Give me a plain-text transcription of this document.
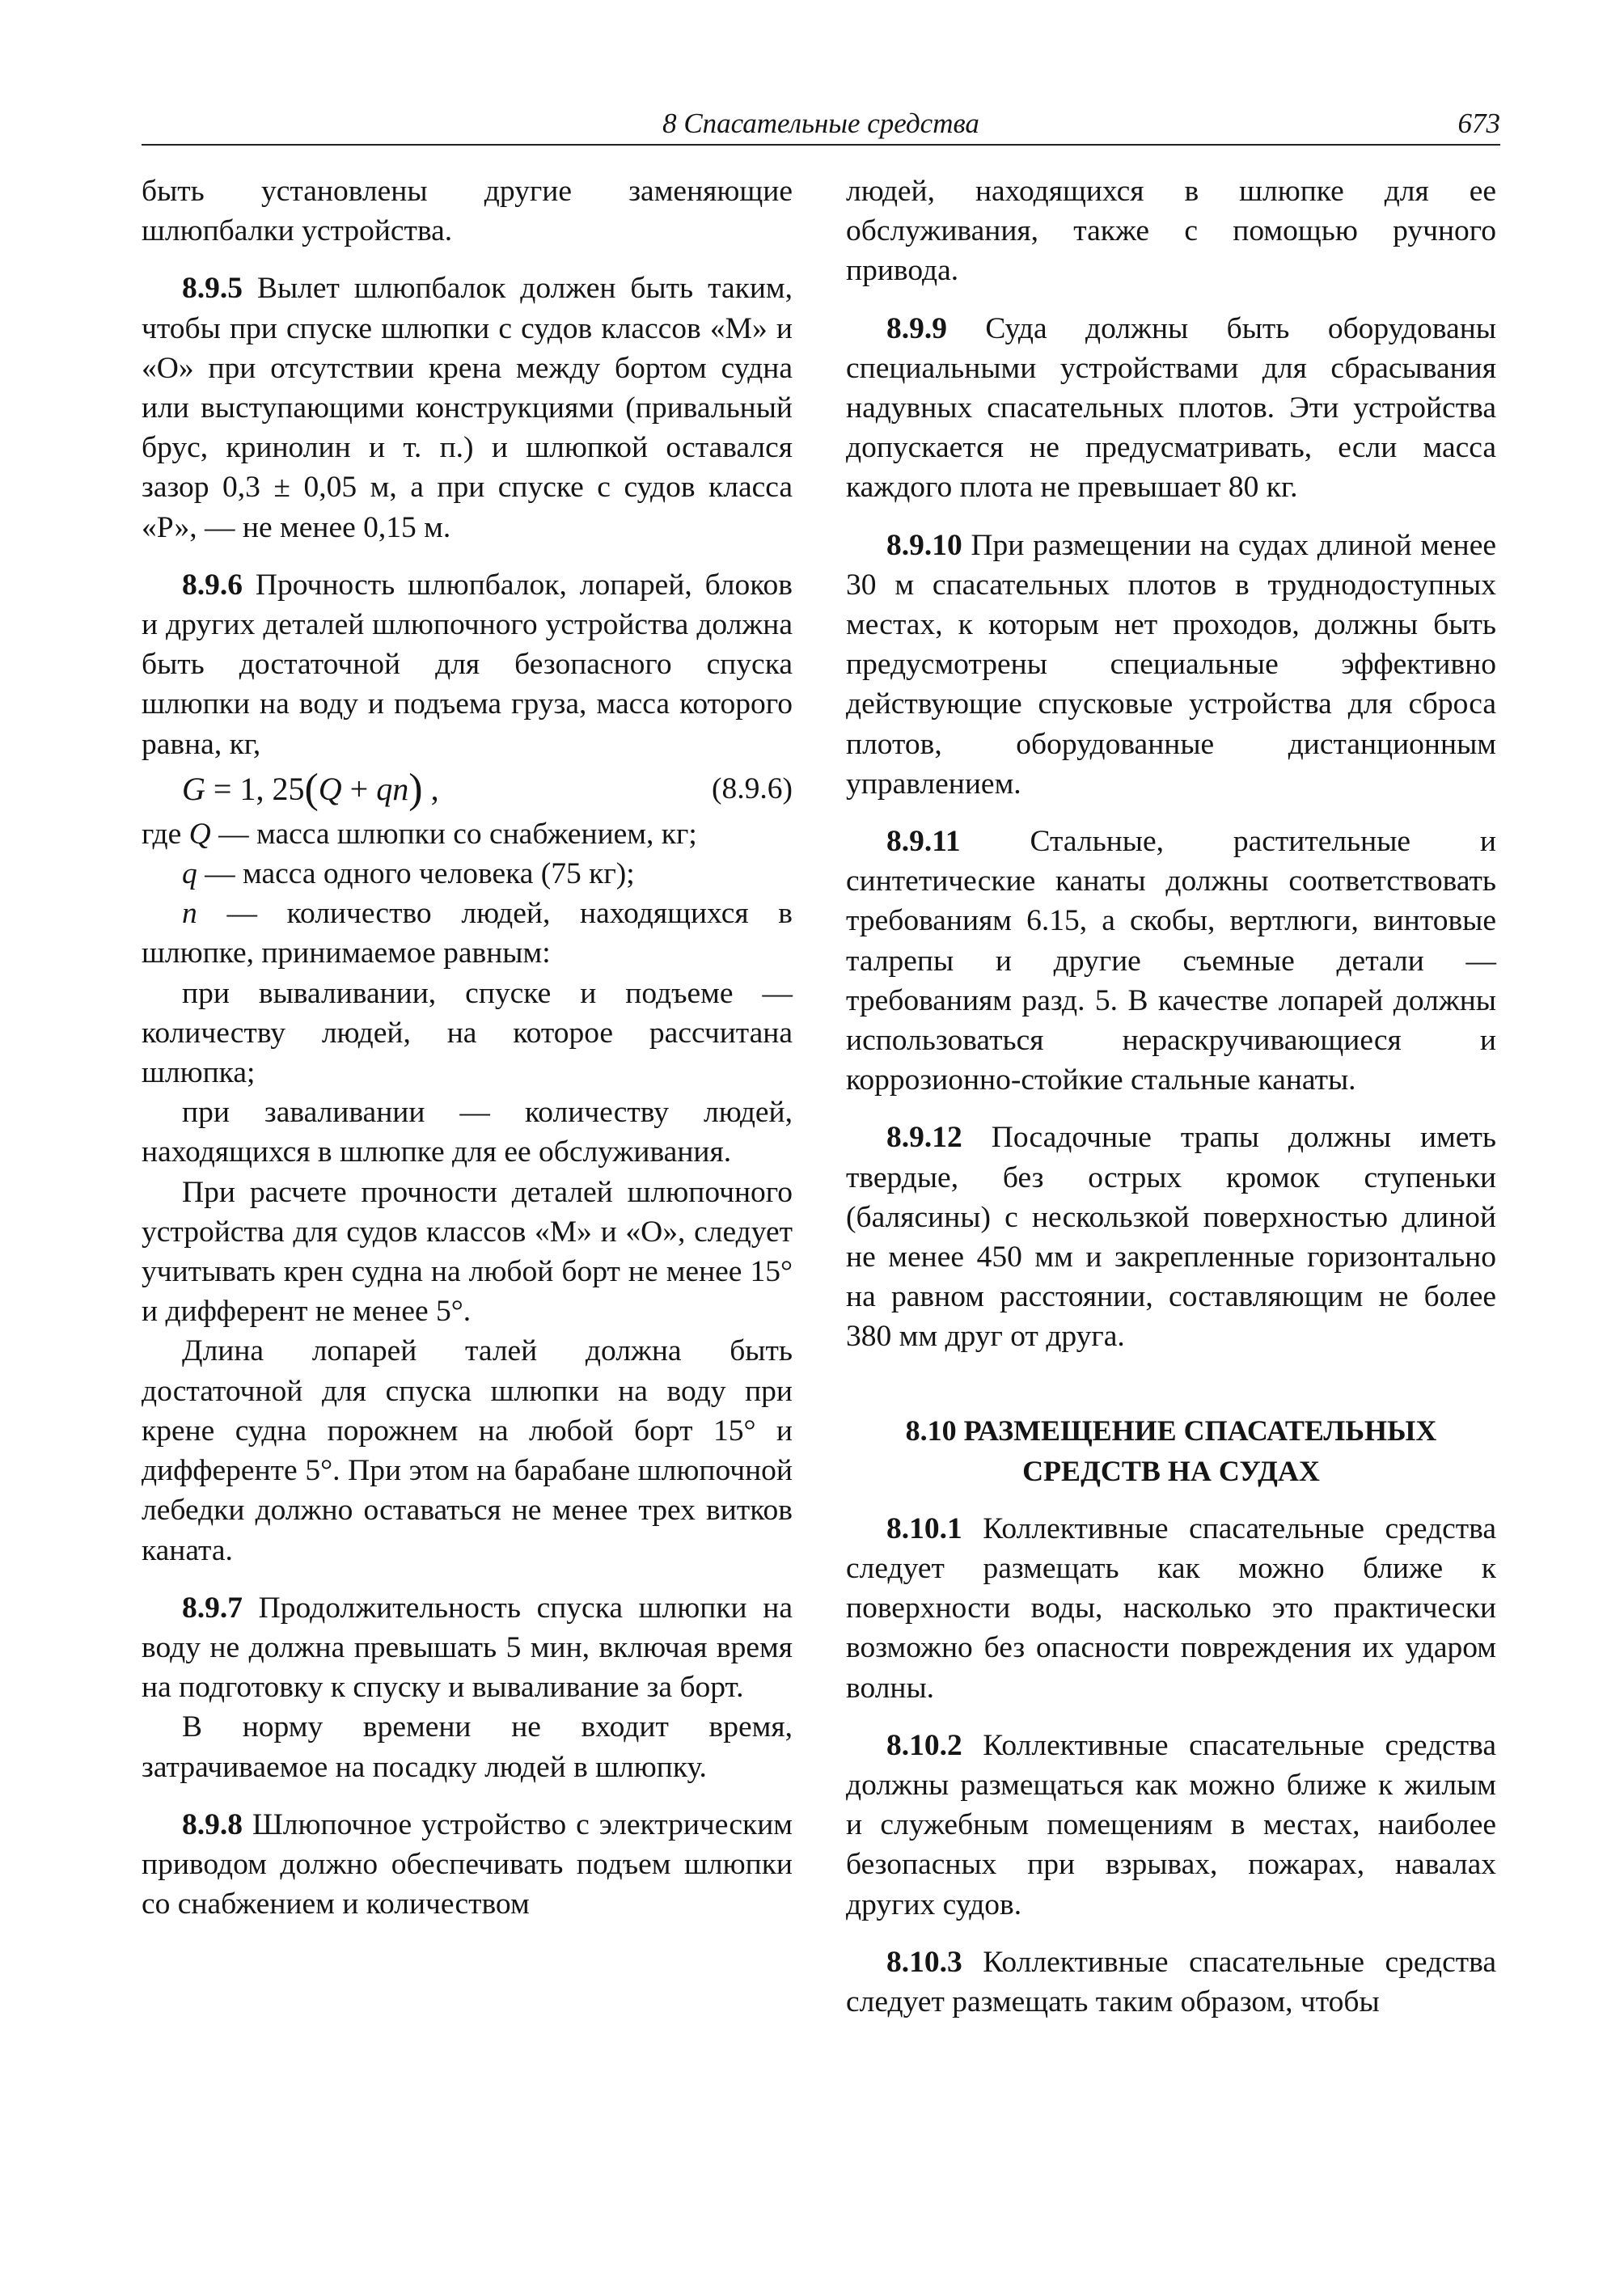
8 Спасательные средства	673

быть установлены другие заменяющие шлюпбалки устройства.

8.9.5 Вылет шлюпбалок должен быть таким, чтобы при спуске шлюпки с судов классов «М» и «О» при отсутствии крена между бортом судна или выступающими конструкциями (привальный брус, кринолин и т. п.) и шлюпкой оставался зазор 0,3 ± 0,05 м, а при спуске с судов класса «Р», — не менее 0,15 м.

8.9.6 Прочность шлюпбалок, лопарей, блоков и других деталей шлюпочного устройства должна быть достаточной для безопасного спуска шлюпки на воду и подъема груза, масса которого равна, кг,

G = 1, 25(Q + qn) ,	(8.9.6)

где Q — масса шлюпки со снабжением, кг;

q — масса одного человека (75 кг);

n — количество людей, находящихся в шлюпке, принимаемое равным:

при вываливании, спуске и подъеме — количеству людей, на которое рассчитана шлюпка;

при заваливании — количеству людей, находящихся в шлюпке для ее обслуживания.

При расчете прочности деталей шлюпочного устройства для судов классов «М» и «О», следует учитывать крен судна на любой борт не менее 15° и дифферент не менее 5°.

Длина лопарей талей должна быть достаточной для спуска шлюпки на воду при крене судна порожнем на любой борт 15° и дифференте 5°. При этом на барабане шлюпочной лебедки должно оставаться не менее трех витков каната.

8.9.7 Продолжительность спуска шлюпки на воду не должна превышать 5 мин, включая время на подготовку к спуску и вываливание за борт.

В норму времени не входит время, затрачиваемое на посадку людей в шлюпку.

8.9.8 Шлюпочное устройство с электрическим приводом должно обеспечивать подъем шлюпки со снабжением и количеством

людей, находящихся в шлюпке для ее обслуживания, также с помощью ручного привода.

8.9.9 Суда должны быть оборудованы специальными устройствами для сбрасывания надувных спасательных плотов. Эти устройства допускается не предусматривать, если масса каждого плота не превышает 80 кг.

8.9.10 При размещении на судах длиной менее 30 м спасательных плотов в труднодоступных местах, к которым нет проходов, должны быть предусмотрены специальные эффективно действующие спусковые устройства для сброса плотов, оборудованные дистанционным управлением.

8.9.11 Стальные, растительные и синтетические канаты должны соответствовать требованиям 6.15, а скобы, вертлюги, винтовые талрепы и другие съемные детали — требованиям разд. 5. В качестве лопарей должны использоваться нераскручивающиеся и коррозионно-стойкие стальные канаты.

8.9.12 Посадочные трапы должны иметь твердые, без острых кромок ступеньки (балясины) с нескользкой поверхностью длиной не менее 450 мм и закрепленные горизонтально на равном расстоянии, составляющим не более 380 мм друг от друга.

8.10 РАЗМЕЩЕНИЕ СПАСАТЕЛЬНЫХ
СРЕДСТВ НА СУДАХ

8.10.1 Коллективные спасательные средства следует размещать как можно ближе к поверхности воды, насколько это практически возможно без опасности повреждения их ударом волны.

8.10.2 Коллективные спасательные средства должны размещаться как можно ближе к жилым и служебным помещениям в местах, наиболее безопасных при взрывах, пожарах, навалах других судов.

8.10.3 Коллективные спасательные средства следует размещать таким образом, чтобы
